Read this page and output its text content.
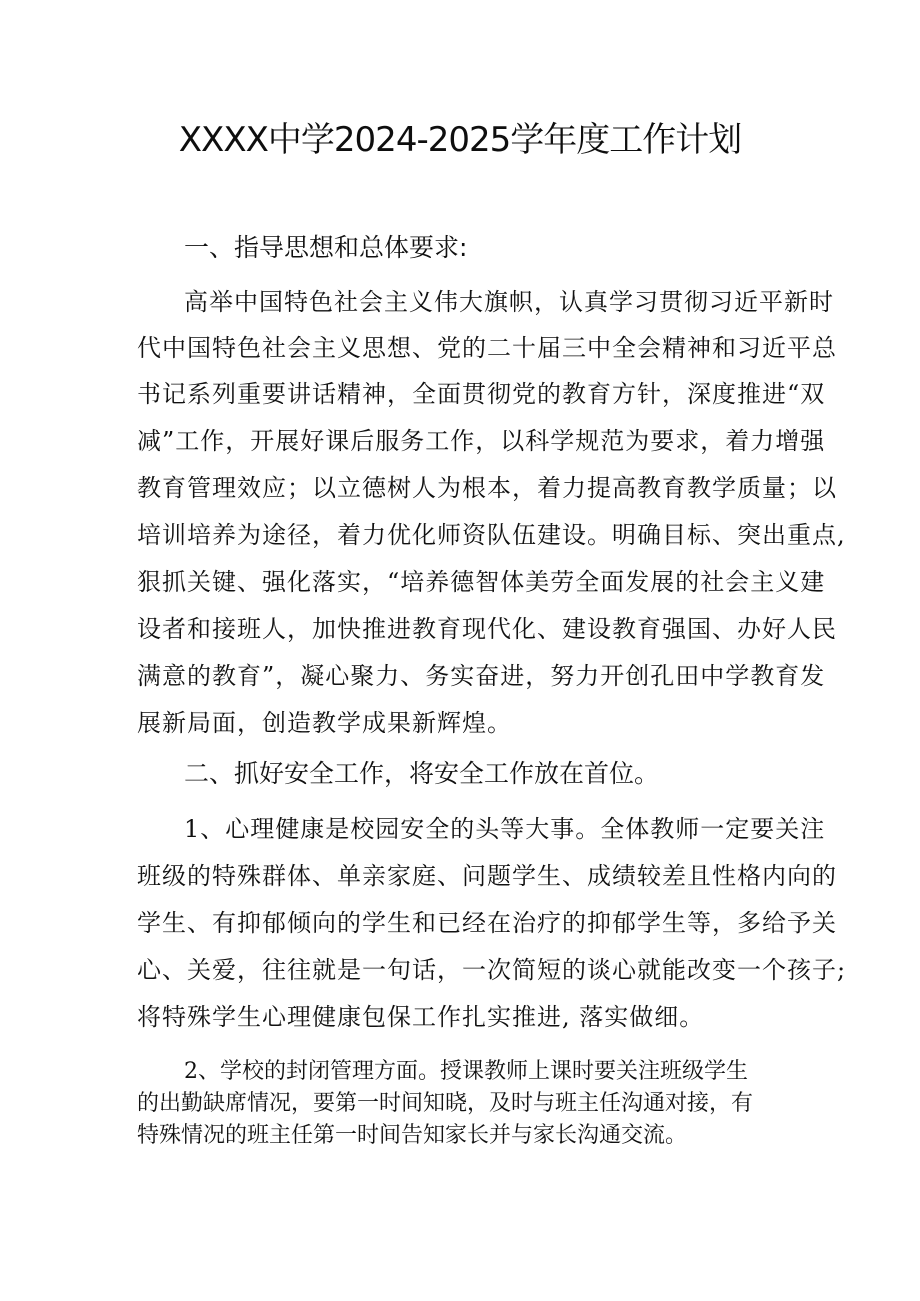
XXXX中学2024-2025学年度工作计划

一、指导思想和总体要求:

高举中国特色社会主义伟大旗帜，认真学习贯彻习近平新时

代中国特色社会主义思想、党的二十届三中全会精神和习近平总

书记系列重要讲话精神，全面贯彻党的教育方针，深度推进“双

减”工作，开展好课后服务工作，以科学规范为要求，着力增强

教育管理效应；以立德树人为根本，着力提高教育教学质量；以

培训培养为途径，着力优化师资队伍建设。明确目标、突出重点,

狠抓关键、强化落实，“培养德智体美劳全面发展的社会主义建

设者和接班人，加快推进教育现代化、建设教育强国、办好人民

满意的教育”，凝心聚力、务实奋进，努力开创孔田中学教育发

展新局面，创造教学成果新辉煌。

二、抓好安全工作，将安全工作放在首位。

1、心理健康是校园安全的头等大事。全体教师一定要关注

班级的特殊群体、单亲家庭、问题学生、成绩较差且性格内向的

学生、有抑郁倾向的学生和已经在治疗的抑郁学生等，多给予关

心、关爱，往往就是一句话，一次简短的谈心就能改变一个孩子;

将特殊学生心理健康包保工作扎实推进, 落实做细。

2、学校的封闭管理方面。授课教师上课时要关注班级学生

的出勤缺席情况，要第一时间知晓，及时与班主任沟通对接，有

特殊情况的班主任第一时间告知家长并与家长沟通交流。
